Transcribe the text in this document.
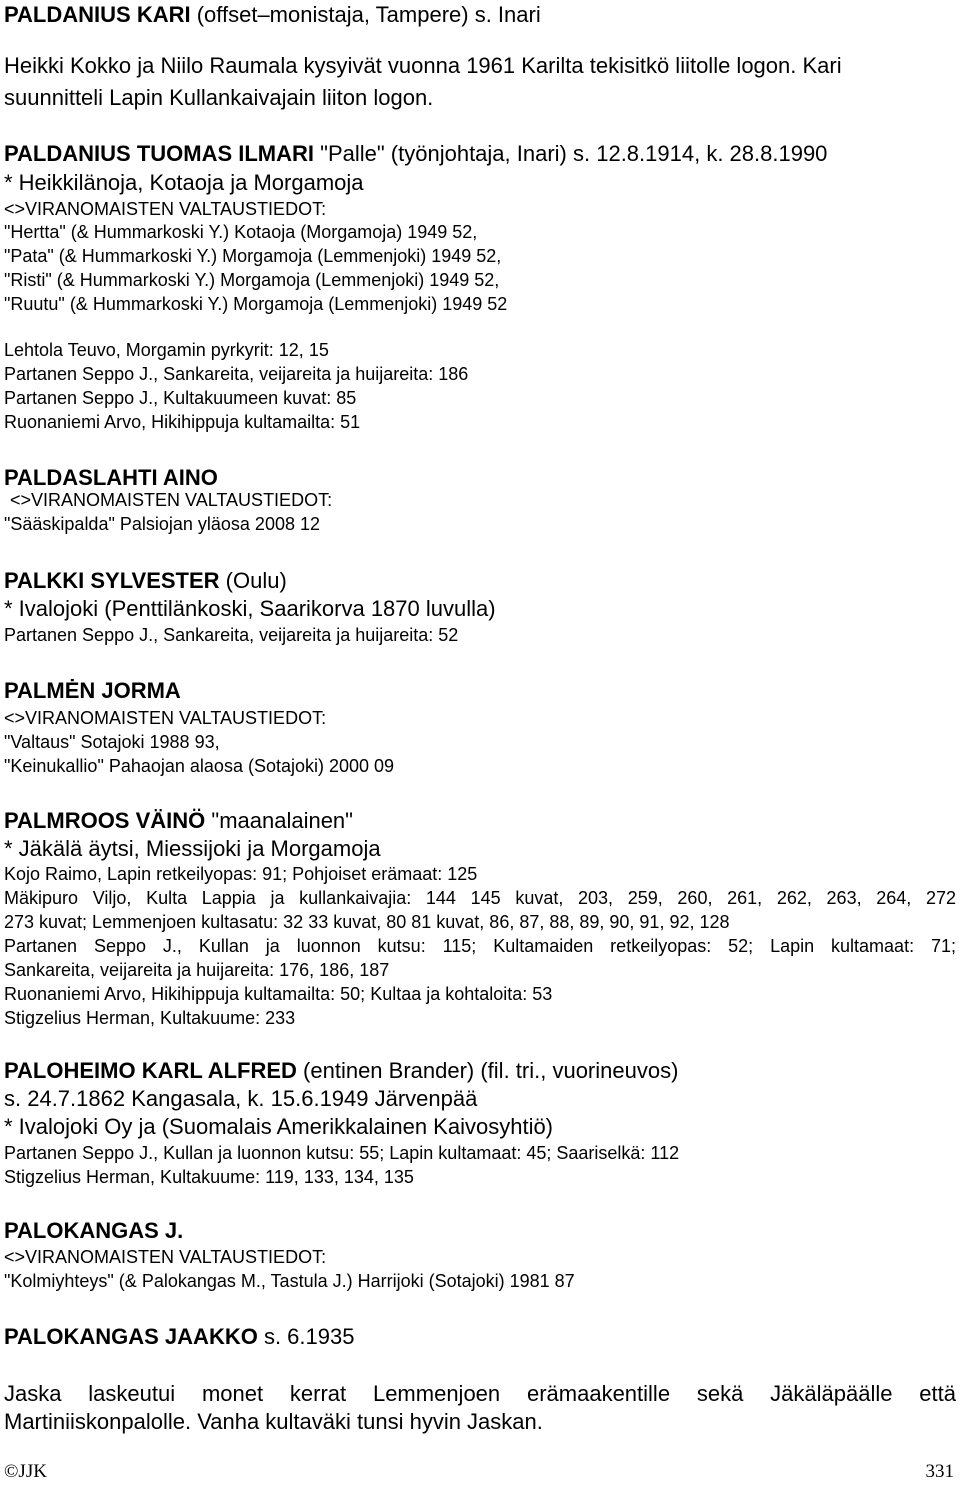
PALDANIUS KARI (offset–monistaja, Tampere) s. Inari
Heikki Kokko ja Niilo Raumala kysyivät vuonna 1961 Karilta tekisitkö liitolle logon. Kari
suunnitteli Lapin Kullankaivajain liiton logon.
PALDANIUS TUOMAS ILMARI "Palle" (työnjohtaja, Inari) s. 12.8.1914, k. 28.8.1990
* Heikkilänoja, Kotaoja ja Morgamoja
<>VIRANOMAISTEN VALTAUSTIEDOT:
"Hertta" (& Hummarkoski Y.) Kotaoja (Morgamoja) 1949 52,
"Pata" (& Hummarkoski Y.) Morgamoja (Lemmenjoki) 1949 52,
"Risti" (& Hummarkoski Y.) Morgamoja (Lemmenjoki) 1949 52,
"Ruutu" (& Hummarkoski Y.) Morgamoja (Lemmenjoki) 1949 52
Lehtola Teuvo, Morgamin pyrkyrit: 12, 15
Partanen Seppo J., Sankareita, veijareita ja huijareita: 186
Partanen Seppo J., Kultakuumeen kuvat: 85
Ruonaniemi Arvo, Hikihippuja kultamailta: 51
PALDASLAHTI AINO
<>VIRANOMAISTEN VALTAUSTIEDOT:
"Sääskipalda" Palsiojan yläosa 2008 12
PALKKI SYLVESTER (Oulu)
* Ivalojoki (Penttilänkoski, Saarikorva 1870 luvulla)
Partanen Seppo J., Sankareita, veijareita ja huijareita: 52
PALMĖN JORMA
<>VIRANOMAISTEN VALTAUSTIEDOT:
"Valtaus" Sotajoki 1988 93,
"Keinukallio" Pahaojan alaosa (Sotajoki) 2000 09
PALMROOS VÄINÖ "maanalainen"
* Jäkälä äytsi, Miessijoki ja Morgamoja
Kojo Raimo, Lapin retkeilyopas: 91; Pohjoiset erämaat: 125
Mäkipuro Viljo, Kulta Lappia ja kullankaivajia: 144 145 kuvat, 203, 259, 260, 261, 262, 263, 264, 272
273 kuvat; Lemmenjoen kultasatu: 32 33 kuvat, 80 81 kuvat, 86, 87, 88, 89, 90, 91, 92, 128
Partanen Seppo J., Kullan ja luonnon kutsu: 115; Kultamaiden retkeilyopas: 52; Lapin kultamaat: 71;
Sankareita, veijareita ja huijareita: 176, 186, 187
Ruonaniemi Arvo, Hikihippuja kultamailta: 50; Kultaa ja kohtaloita: 53
Stigzelius Herman, Kultakuume: 233
PALOHEIMO KARL ALFRED (entinen Brander) (fil. tri., vuorineuvos)
s. 24.7.1862 Kangasala, k. 15.6.1949 Järvenpää
* Ivalojoki Oy ja (Suomalais Amerikkalainen Kaivosyhtiö)
Partanen Seppo J., Kullan ja luonnon kutsu: 55; Lapin kultamaat: 45; Saariselkä: 112
Stigzelius Herman, Kultakuume: 119, 133, 134, 135
PALOKANGAS J.
<>VIRANOMAISTEN VALTAUSTIEDOT:
"Kolmiyhteys" (& Palokangas M., Tastula J.) Harrijoki (Sotajoki) 1981 87
PALOKANGAS JAAKKO s. 6.1935
Jaska laskeutui monet kerrat Lemmenjoen erämaakentille sekä Jäkäläpäälle että
Martiniiskonpalolle. Vanha kultaväki tunsi hyvin Jaskan.
©JJK	331
